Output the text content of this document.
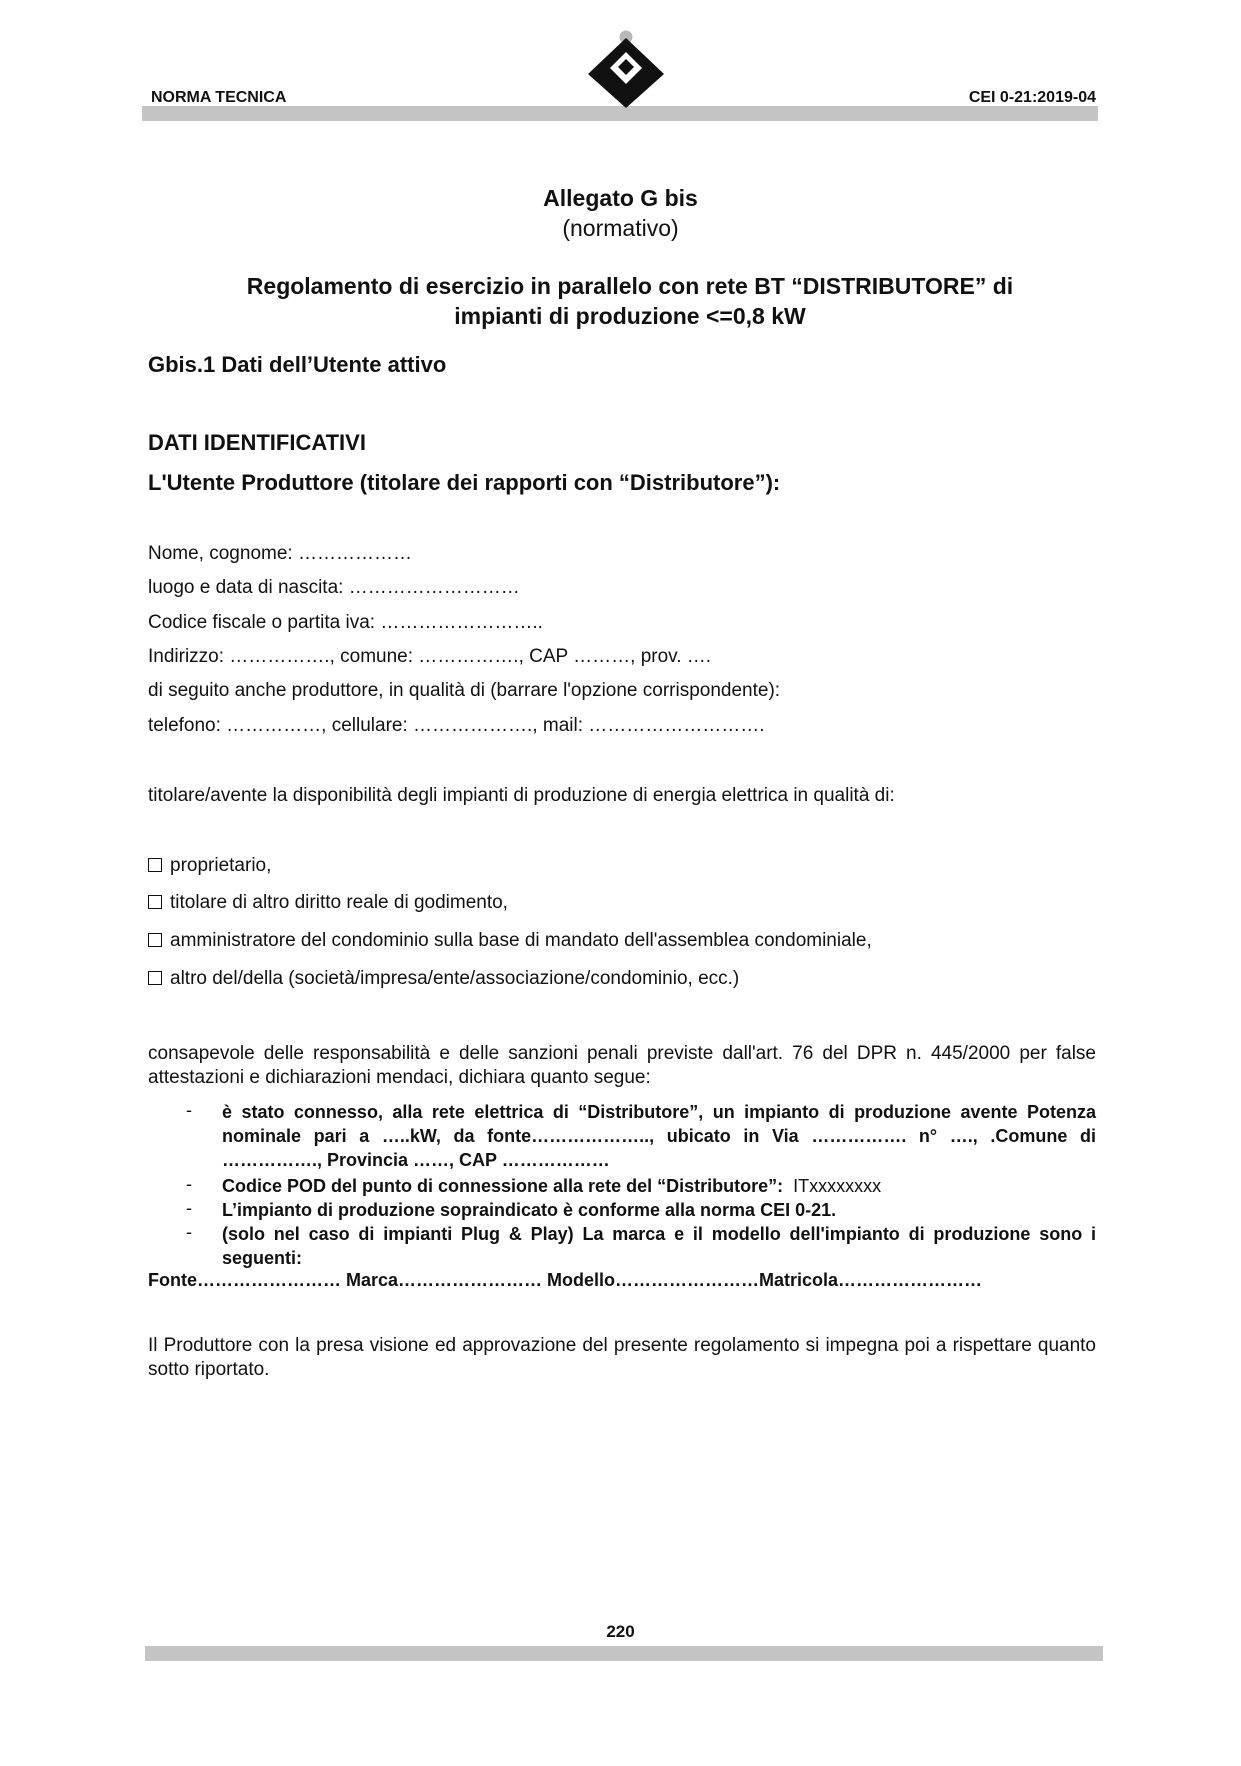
NORMA TECNICA	CEI 0-21:2019-04
Allegato G bis
(normativo)
Regolamento di esercizio in parallelo con rete BT “DISTRIBUTORE” di
impianti di produzione <=0,8 kW
Gbis.1 Dati dell’Utente attivo
DATI IDENTIFICATIVI
L'Utente Produttore (titolare dei rapporti con “Distributore”):
Nome, cognome: ………………
luogo e data di nascita: ………………………
Codice fiscale o partita iva: ……………………..
Indirizzo: ……………., comune: ……………., CAP ………, prov. ….
di seguito anche produttore, in qualità di (barrare l'opzione corrispondente):
telefono: ……………, cellulare: ………………., mail: ……………………….
titolare/avente la disponibilità degli impianti di produzione di energia elettrica in qualità di:
proprietario,
titolare di altro diritto reale di godimento,
amministratore del condominio sulla base di mandato dell'assemblea condominiale,
altro del/della (società/impresa/ente/associazione/condominio, ecc.)
consapevole delle responsabilità e delle sanzioni penali previste dall'art. 76 del DPR n. 445/2000 per false attestazioni e dichiarazioni mendaci, dichiara quanto segue:
- è stato connesso, alla rete elettrica di “Distributore”, un impianto di produzione avente Potenza nominale pari a …..kW, da fonte……………….., ubicato in Via ……………. n° …., .Comune di ……………., Provincia ……, CAP ………………
- Codice POD del punto di connessione alla rete del “Distributore”: ITxxxxxxxx
- L’impianto di produzione sopraindicato è conforme alla norma CEI 0-21.
- (solo nel caso di impianti Plug & Play) La marca e il modello dell'impianto di produzione sono i seguenti:
Fonte…………………… Marca…………………… Modello……………………Matricola……………………
Il Produttore con la presa visione ed approvazione del presente regolamento si impegna poi a rispettare quanto sotto riportato.
220
